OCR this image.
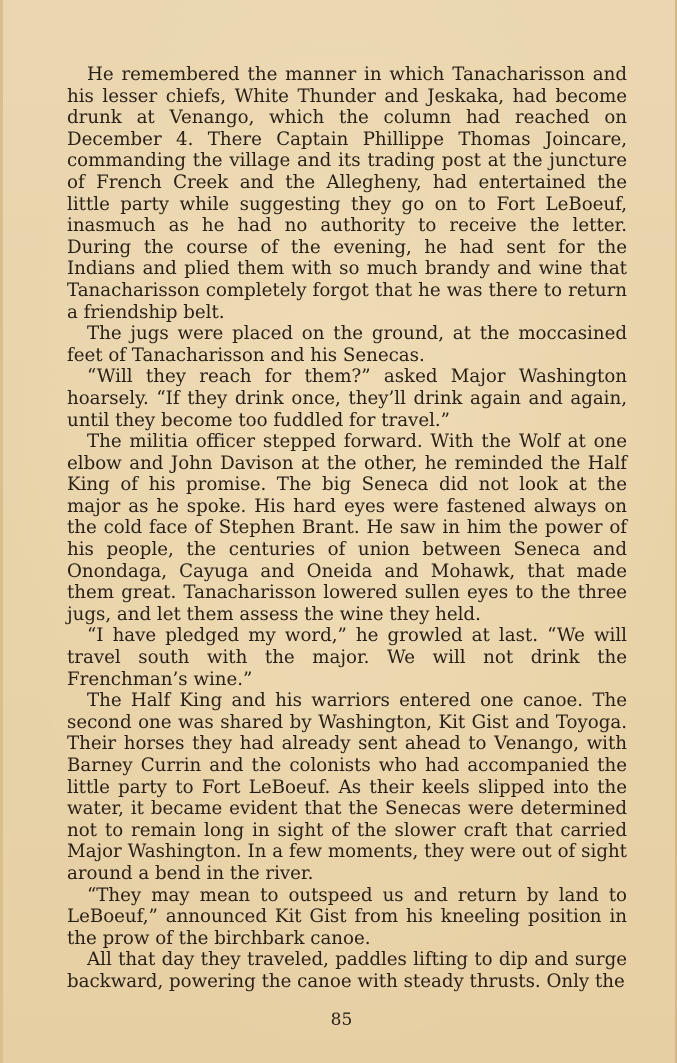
He remembered the manner in which Tanacharisson and his lesser chiefs, White Thunder and Jeskaka, had become drunk at Venango, which the column had reached on December 4. There Captain Phillippe Thomas Joincare, commanding the village and its trading post at the juncture of French Creek and the Allegheny, had entertained the little party while suggesting they go on to Fort LeBoeuf, inasmuch as he had no authority to receive the letter. During the course of the evening, he had sent for the Indians and plied them with so much brandy and wine that Tanacharisson completely forgot that he was there to return a friendship belt.

The jugs were placed on the ground, at the moccasined feet of Tanacharisson and his Senecas.

“Will they reach for them?” asked Major Washington hoarsely. “If they drink once, they’ll drink again and again, until they become too fuddled for travel.”

The militia officer stepped forward. With the Wolf at one elbow and John Davison at the other, he reminded the Half King of his promise. The big Seneca did not look at the major as he spoke. His hard eyes were fastened always on the cold face of Stephen Brant. He saw in him the power of his people, the centuries of union between Seneca and Onondaga, Cayuga and Oneida and Mohawk, that made them great. Tanacharisson lowered sullen eyes to the three jugs, and let them assess the wine they held.

“I have pledged my word,” he growled at last. “We will travel south with the major. We will not drink the Frenchman’s wine.”

The Half King and his warriors entered one canoe. The second one was shared by Washington, Kit Gist and Toyoga. Their horses they had already sent ahead to Venango, with Barney Currin and the colonists who had accompanied the little party to Fort LeBoeuf. As their keels slipped into the water, it became evident that the Senecas were determined not to remain long in sight of the slower craft that carried Major Washington. In a few moments, they were out of sight around a bend in the river.

“They may mean to outspeed us and return by land to LeBoeuf,” announced Kit Gist from his kneeling position in the prow of the birchbark canoe.

All that day they traveled, paddles lifting to dip and surge backward, powering the canoe with steady thrusts. Only the

85
